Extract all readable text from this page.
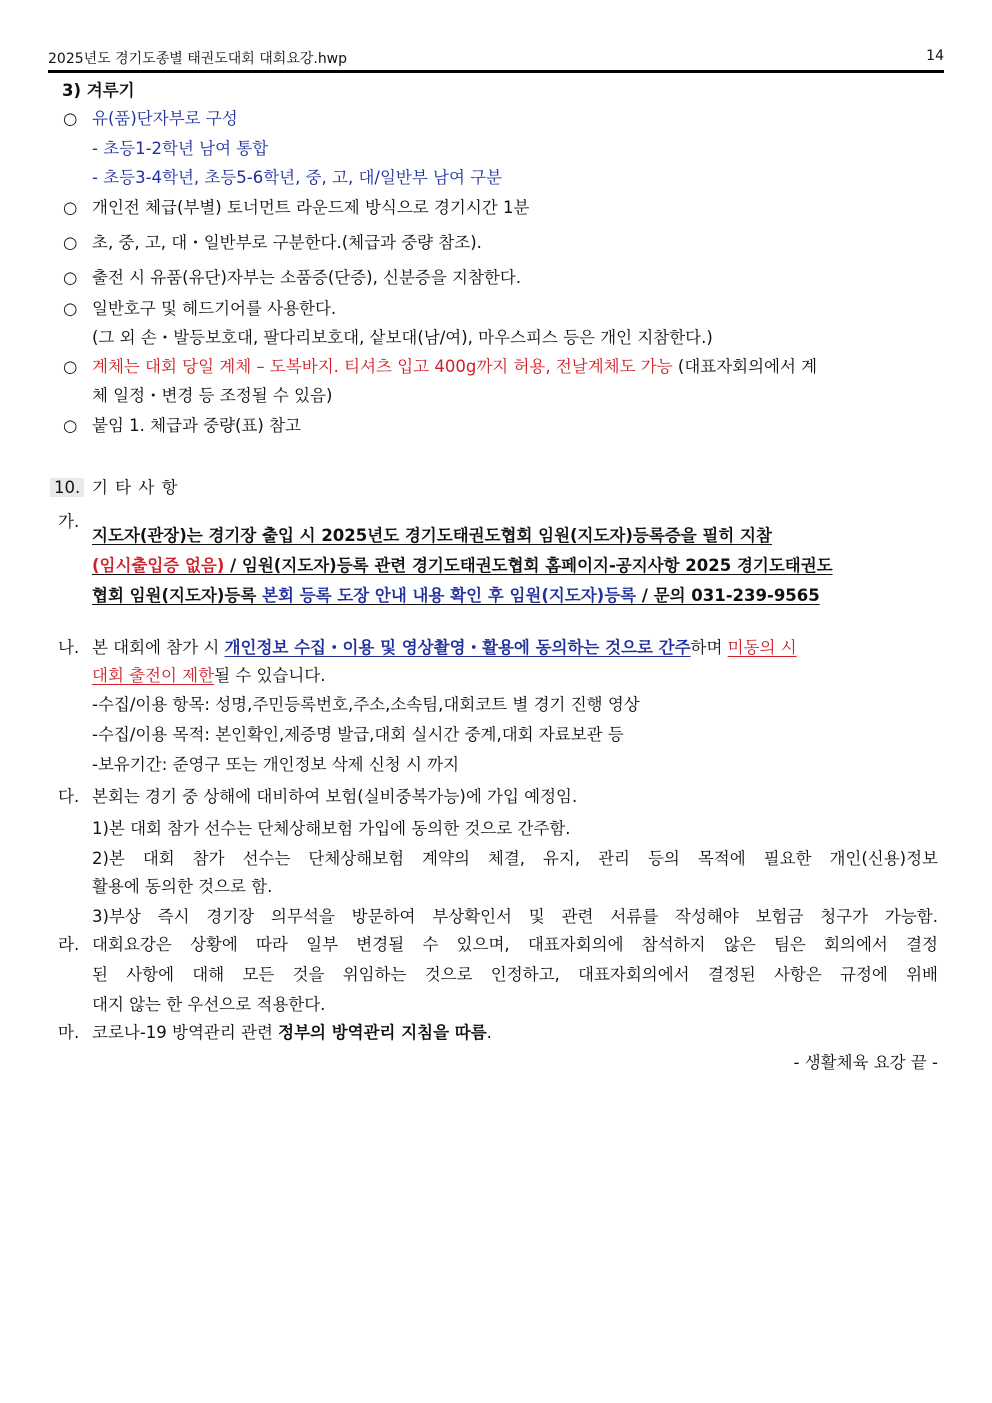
2025년도 경기도종별 태권도대회 대회요강.hwp	14
3) 겨루기
○ 유(품)단자부로 구성
- 초등1-2학년 남여 통합
- 초등3-4학년, 초등5-6학년, 중, 고, 대/일반부 남여 구분
○ 개인전 체급(부별) 토너먼트 라운드제 방식으로 경기시간 1분
○ 초, 중, 고, 대・일반부로 구분한다.(체급과 중량 참조).
○ 출전 시 유품(유단)자부는 소품증(단증), 신분증을 지참한다.
○ 일반호구 및 헤드기어를 사용한다.
(그 외 손・발등보호대, 팔다리보호대, 샅보대(남/여), 마우스피스 등은 개인 지참한다.)
○ 계체는 대회 당일 계체 – 도복바지. 티셔츠 입고 400g까지 허용, 전날계체도 가능 (대표자회의에서 계
체 일정・변경 등 조정될 수 있음)
○ 붙임 1. 체급과 중량(표) 참고
10. 기 타 사 항
가.
지도자(관장)는 경기장 출입 시 2025년도 경기도태권도협회 임원(지도자)등록증을 필히 지참
(임시출입증 없음) / 임원(지도자)등록 관련 경기도태권도협회 홈페이지-공지사항 2025 경기도태권도
협회 임원(지도자)등록 본회 등록 도장 안내 내용 확인 후 임원(지도자)등록 / 문의 031-239-9565
나. 본 대회에 참가 시 개인정보 수집・이용 및 영상촬영・활용에 동의하는 것으로 간주하며 미동의 시
대회 출전이 제한될 수 있습니다.
-수집/이용 항목: 성명,주민등록번호,주소,소속팀,대회코트 별 경기 진행 영상
-수집/이용 목적: 본인확인,제증명 발급,대회 실시간 중계,대회 자료보관 등
-보유기간: 준영구 또는 개인정보 삭제 신청 시 까지
다. 본회는 경기 중 상해에 대비하여 보험(실비중복가능)에 가입 예정임.
1)본 대회 참가 선수는 단체상해보험 가입에 동의한 것으로 간주함.
2)본 대회 참가 선수는 단체상해보험 계약의 체결, 유지, 관리 등의 목적에 필요한 개인(신용)정보
활용에 동의한 것으로 함.
3)부상 즉시 경기장 의무석을 방문하여 부상확인서 및 관련 서류를 작성해야 보험금 청구가 가능함.
라. 대회요강은 상황에 따라 일부 변경될 수 있으며, 대표자회의에 참석하지 않은 팀은 회의에서 결정
된 사항에 대해 모든 것을 위임하는 것으로 인정하고, 대표자회의에서 결정된 사항은 규정에 위배
대지 않는 한 우선으로 적용한다.
마. 코로나-19 방역관리 관련 정부의 방역관리 지침을 따름.
- 생활체육 요강 끝 -
